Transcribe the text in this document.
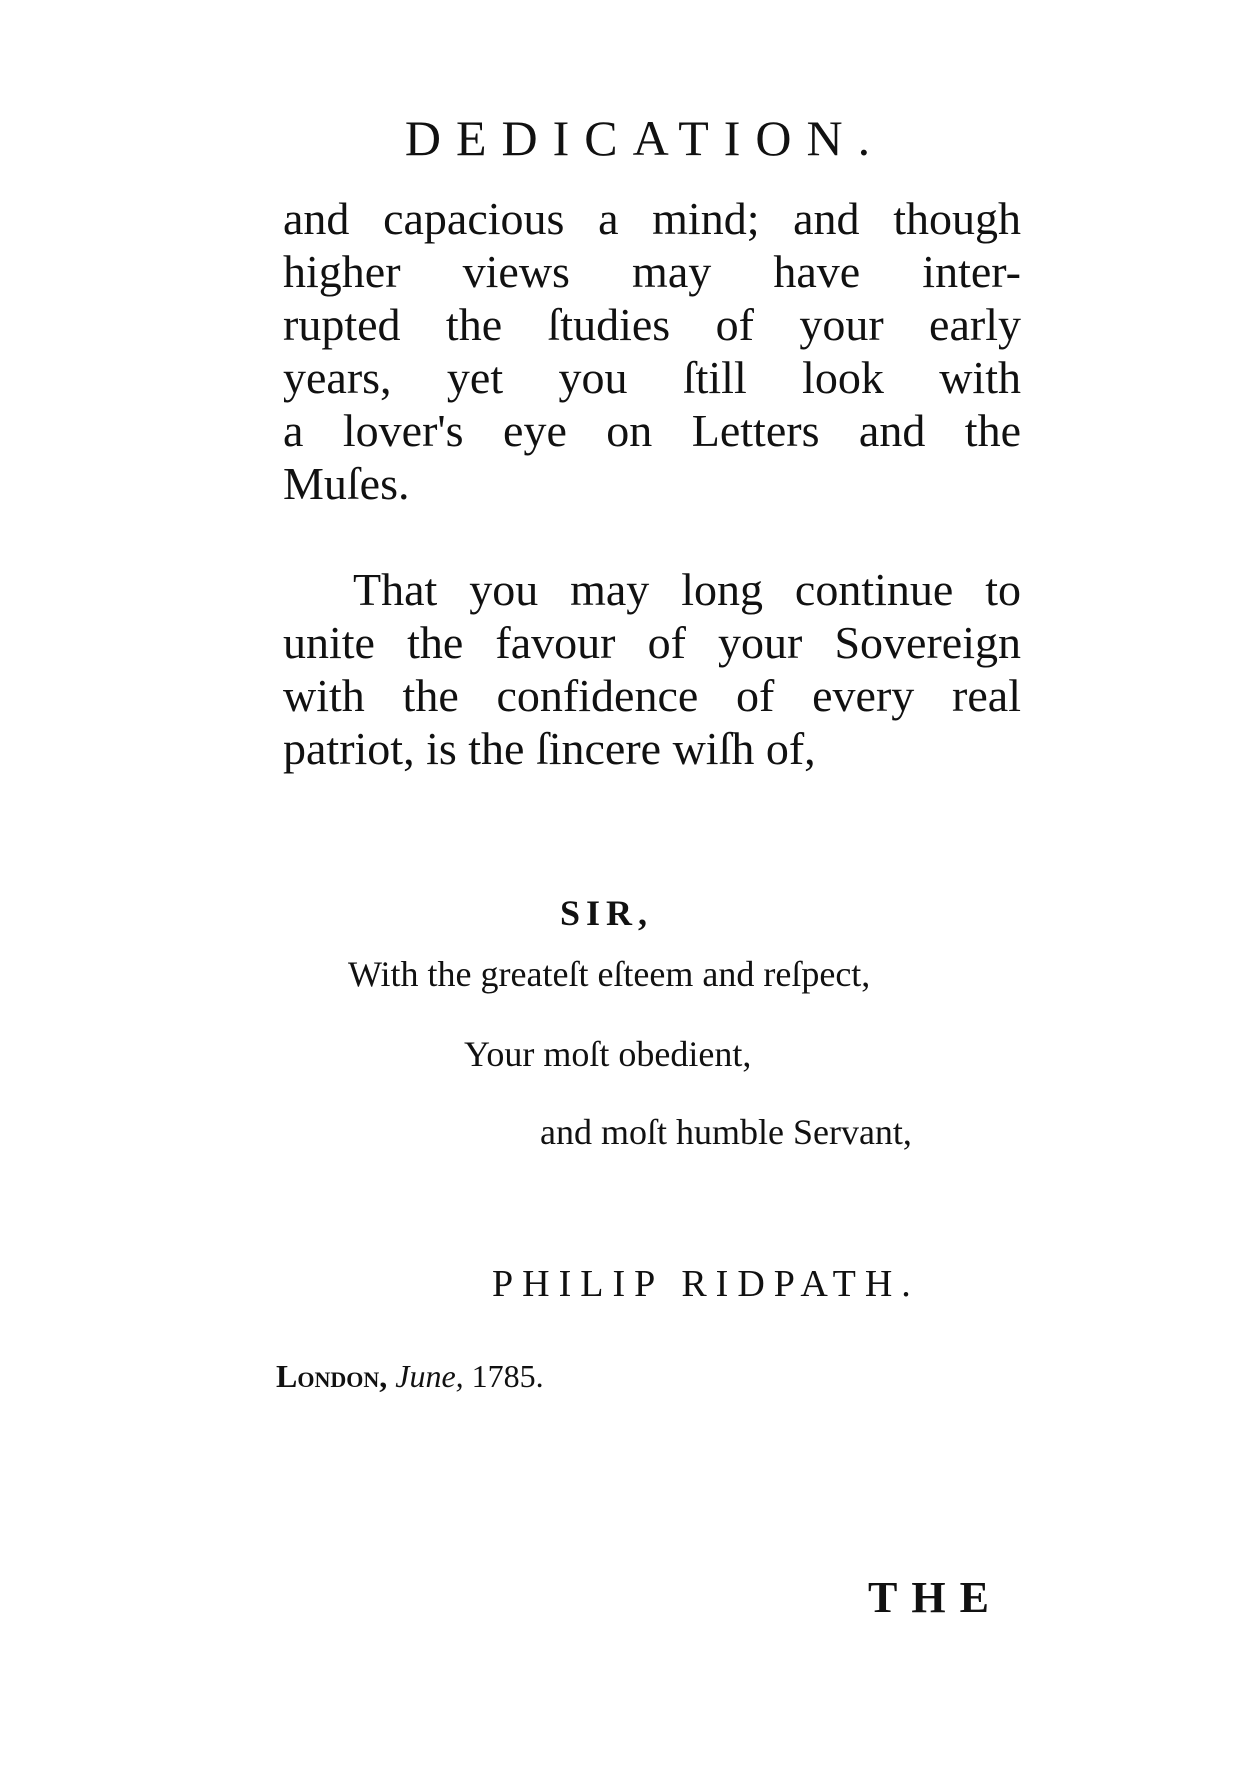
DEDICATION.
and capacious a mind; and though
higher views may have inter-
rupted the ſtudies of your early
years, yet you ſtill look with
a lover's eye on Letters and the
Muſes.
That you may long continue to
unite the favour of your Sovereign
with the confidence of every real
patriot, is the ſincere wiſh of,
SIR,
With the greateſt eſteem and reſpect,
Your moſt obedient,
and moſt humble Servant,
PHILIP RIDPATH.
London, June, 1785.
THE
